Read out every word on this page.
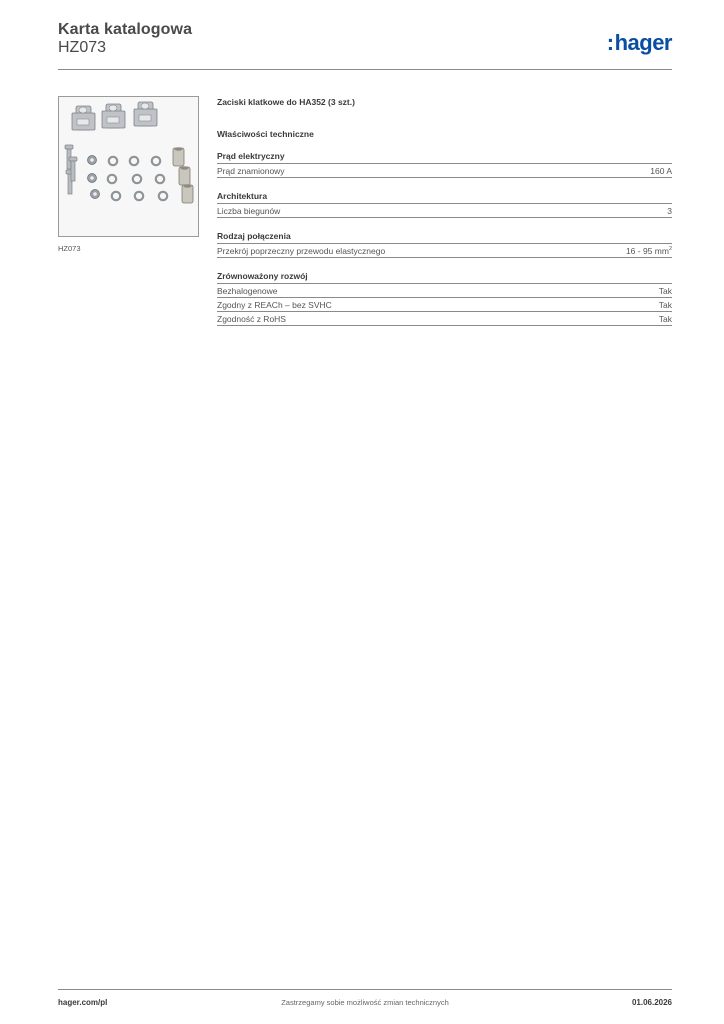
Karta katalogowa
HZ073	:hager
HZ073
Zaciski klatkowe do HA352 (3 szt.)
Właściwości techniczne
Prąd elektryczny
Prąd znamionowy	160 A
Architektura
Liczba biegunów	3
Rodzaj połączenia
Przekrój poprzeczny przewodu elastycznego	16 - 95 $mm^2$
Zrównoważony rozwój
Bezhalogenowe	Tak
Zgodny z REACh – bez SVHC	Tak
Zgodność z RoHS	Tak
hager.com/pl	Zastrzegamy sobie możliwość zmian technicznych	01.06.2026
